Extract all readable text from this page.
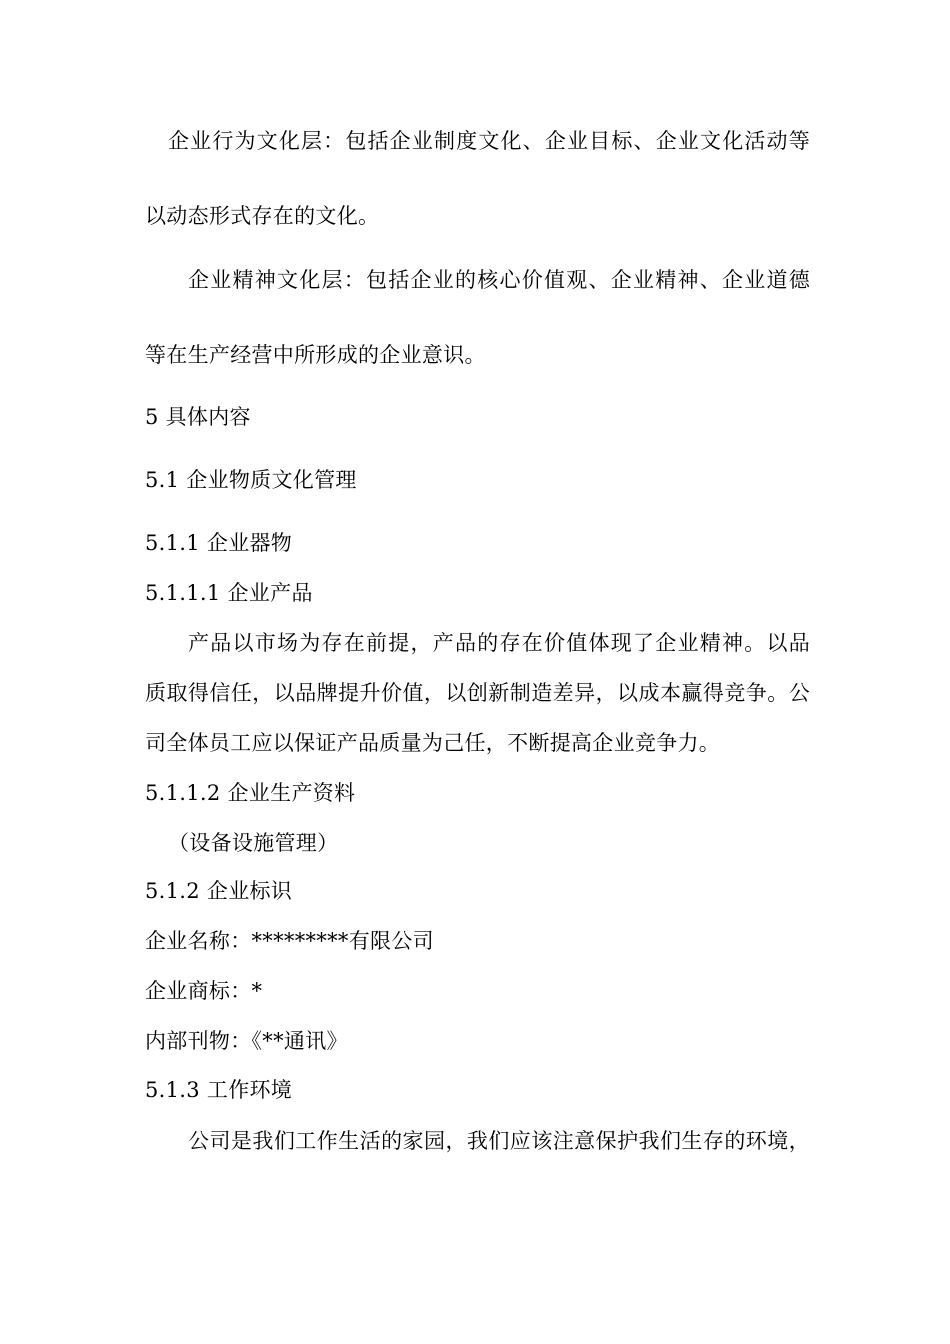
企业行为文化层：包括企业制度文化、企业目标、企业文化活动等
以动态形式存在的文化。
企业精神文化层：包括企业的核心价值观、企业精神、企业道德
等在生产经营中所形成的企业意识。
5 具体内容
5.1 企业物质文化管理
5.1.1 企业器物
5.1.1.1 企业产品
产品以市场为存在前提，产品的存在价值体现了企业精神。以品
质取得信任，以品牌提升价值，以创新制造差异，以成本赢得竞争。公
司全体员工应以保证产品质量为己任，不断提高企业竞争力。
5.1.1.2 企业生产资料
（设备设施管理）
5.1.2 企业标识
企业名称：*********有限公司
企业商标：*
内部刊物：《**通讯》
5.1.3 工作环境
公司是我们工作生活的家园，我们应该注意保护我们生存的环境，
